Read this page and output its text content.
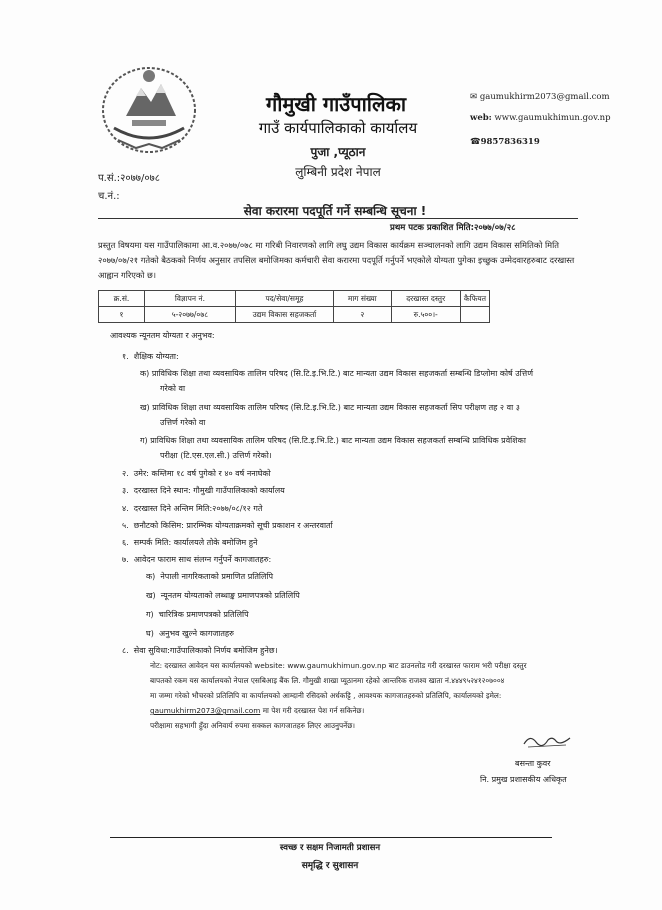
गौमुखी गाउँपालिका
गाउँ कार्यपालिकाको कार्यालय
पुजा ,प्यूठान
लुम्बिनी प्रदेश नेपाल
✉ gaumukhirm2073@gmail.com
web: www.gaumukhimun.gov.np
☎9857836319
प.सं.:२०७७/०७८
च.नं.:
सेवा करारमा पदपूर्ति गर्ने सम्बन्धि सूचना !
प्रथम पटक प्रकाशित मिति:२०७७/०७/२८
प्रस्तुत विषयमा यस गाउँपालिकामा आ.व.२०७७/०७८ मा गरिबी निवारणको लागि लघु उद्यम विकास कार्यक्रम सञ्चालनको लागि उद्यम विकास समितिको मिति २०७७/०७/२१ गतेको बैठकको निर्णय अनुसार तपसिल बमोजिमका कर्मचारी सेवा करारमा पदपूर्ति गर्नुपर्ने भएकोले योग्यता पुगेका इच्छुक उम्मेदवारहरुबाट दरखास्त आह्वान गरिएको छ।
क्र.सं.	विज्ञापन नं.	पद/सेवा/समूह	माग संख्या	दरखास्त दस्तुर	कैफियत
१	५-२०७७/०७८	उद्यम विकास सहजकर्ता	२	रु.५००।-	
आवश्यक न्यूनतम योग्यता र अनुभव:
१. शैक्षिक योग्यता:
क) प्राविधिक शिक्षा तथा व्यवसायिक तालिम परिषद (सि.टि.इ.भि.टि.) बाट मान्यता उद्यम विकास सहजकर्ता सम्बन्धि डिप्लोमा कोर्ष उत्तिर्ण
गरेको वा
ख) प्राविधिक शिक्षा तथा व्यवसायिक तालिम परिषद (सि.टि.इ.भि.टि.) बाट मान्यता उद्यम विकास सहजकर्ता सिप परीक्षण तह २ वा ३
उत्तिर्ण गरेको वा
ग) प्राविधिक शिक्षा तथा व्यवसायिक तालिम परिषद (सि.टि.इ.भि.टि.) बाट मान्यता उद्यम विकास सहजकर्ता सम्बन्धि प्राविधिक प्रवेशिका
परीक्षा (टि.एस.एल.सी.) उत्तिर्ण गरेको।
२. उमेर: कम्तिमा १८ वर्ष पुगेको र ४० वर्ष ननाघेको
३. दरखास्त दिने स्थान: गौमुखी गाउँपालिकाको कार्यालय
४. दरखास्त दिने अन्तिम मिति:२०७७/०८/१२ गते
५. छनौटको किसिम: प्रारम्भिक योग्यताक्रमको सूची प्रकाशन र अन्तरवार्ता
६. सम्पर्क मिति: कार्यालयले तोके बमोजिम हुने
७. आवेदन फाराम साथ संलग्न गर्नुपर्ने कागजातहरु:
क) नेपाली नागरिकताको प्रमाणित प्रतिलिपि
ख) न्यूनतम योग्यताको लब्धाङ्क प्रमाणपत्रको प्रतिलिपि
ग) चारित्रिक प्रमाणपत्रको प्रतिलिपि
घ) अनुभव खुल्ने कागजातहरु
८. सेवा सुविधा:गाउँपालिकाको निर्णय बमोजिम हुनेछ।
नोट: दरखास्त आवेदन यस कार्यालयको website: www.gaumukhimun.gov.np बाट डाउनलोड गरी दरखास्त फाराम भरी परीक्षा दस्तुर
बापतको रकम यस कार्यालयको नेपाल एसबिआइ बैंक लि. गौमुखी शाखा प्यूठानमा रहेको आन्तरिक राजश्व खाता नं.४४४९५२४१२०७००४
मा जम्मा गरेको भौचरको प्रतिलिपि वा कार्यालयको आम्दानी रसिदको अर्धकट्टि , आवश्यक कागजातहरुको प्रतिलिपि, कार्यालयको इमेल:
gaumukhirm2073@gmail.com मा पेश गरी दरखास्त पेश गर्न सकिनेछ।
परीक्षामा सहभागी हुँदा अनिवार्य रुपमा सक्कल कागजातहरु लिएर आउनुपर्नेछ।
बसन्ता कुवर
नि. प्रमुख प्रशासकीय अधिकृत
स्वच्छ र सक्षम निजामती प्रशासन
समृद्धि र सुशासन
